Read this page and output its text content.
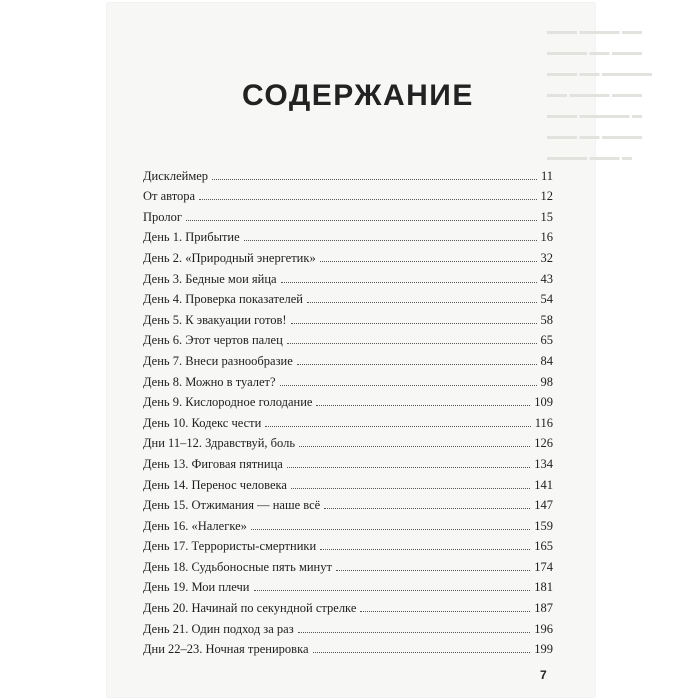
▬▬▬ ▬▬▬▬ ▬▬
▬▬▬▬ ▬▬ ▬▬▬
▬▬▬ ▬▬ ▬▬▬▬▬
▬▬ ▬▬▬▬ ▬▬▬
▬▬▬ ▬▬▬▬▬ ▬
▬▬▬ ▬▬ ▬▬▬▬
▬▬▬▬ ▬▬▬ ▬
СОДЕРЖАНИЕ
Дисклеймер	11
От автора	12
Пролог	15
День 1. Прибытие	16
День 2. «Природный энергетик»	32
День 3. Бедные мои яйца	43
День 4. Проверка показателей	54
День 5. К эвакуации готов!	58
День 6. Этот чертов палец	65
День 7. Внеси разнообразие	84
День 8. Можно в туалет?	98
День 9. Кислородное голодание	109
День 10. Кодекс чести	116
Дни 11–12. Здравствуй, боль	126
День 13. Фиговая пятница	134
День 14. Перенос человека	141
День 15. Отжимания — наше всё	147
День 16. «Налегке»	159
День 17. Террористы-смертники	165
День 18. Судьбоносные пять минут	174
День 19. Мои плечи	181
День 20. Начинай по секундной стрелке	187
День 21. Один подход за раз	196
Дни 22–23. Ночная тренировка	199
7
